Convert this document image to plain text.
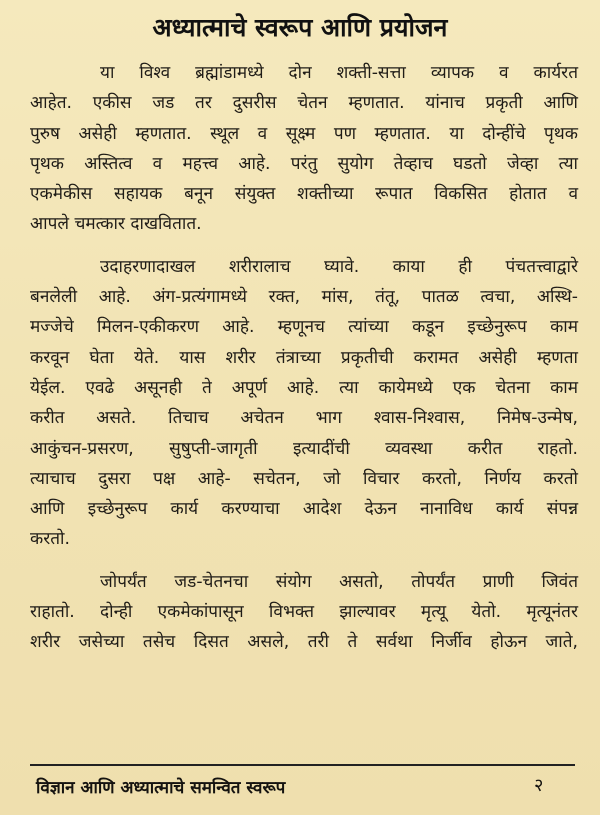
अध्यात्माचे स्वरूप आणि प्रयोजन
या विश्व ब्रह्मांडामध्ये दोन शक्ती-सत्ता व्यापक व कार्यरत
आहेत. एकीस जड तर दुसरीस चेतन म्हणतात. यांनाच प्रकृती आणि
पुरुष असेही म्हणतात. स्थूल व सूक्ष्म पण म्हणतात. या दोन्हींचे पृथक
पृथक अस्तित्व व महत्त्व आहे. परंतु सुयोग तेव्हाच घडतो जेव्हा त्या
एकमेकीस सहायक बनून संयुक्त शक्तीच्या रूपात विकसित होतात व
आपले चमत्कार दाखवितात.
उदाहरणादाखल शरीरालाच घ्यावे. काया ही पंचतत्त्वाद्वारे
बनलेली आहे. अंग-प्रत्यंगामध्ये रक्त, मांस, तंतू, पातळ त्वचा, अस्थि-
मज्जेचे मिलन-एकीकरण आहे. म्हणूनच त्यांच्या कडून इच्छेनुरूप काम
करवून घेता येते. यास शरीर तंत्राच्या प्रकृतीची करामत असेही म्हणता
येईल. एवढे असूनही ते अपूर्ण आहे. त्या कायेमध्ये एक चेतना काम
करीत असते. तिचाच अचेतन भाग श्वास-निश्वास, निमेष-उन्मेष,
आकुंचन-प्रसरण, सुषुप्ती-जागृती इत्यादींची व्यवस्था करीत राहतो.
त्याचाच दुसरा पक्ष आहे- सचेतन, जो विचार करतो, निर्णय करतो
आणि इच्छेनुरूप कार्य करण्याचा आदेश देऊन नानाविध कार्य संपन्न
करतो.
जोपर्यंत जड-चेतनचा संयोग असतो, तोपर्यंत प्राणी जिवंत
राहातो. दोन्ही एकमेकांपासून विभक्त झाल्यावर मृत्यू येतो. मृत्यूनंतर
शरीर जसेच्या तसेच दिसत असले, तरी ते सर्वथा निर्जीव होऊन जाते,
विज्ञान आणि अध्यात्माचे समन्वित स्वरूप	२
